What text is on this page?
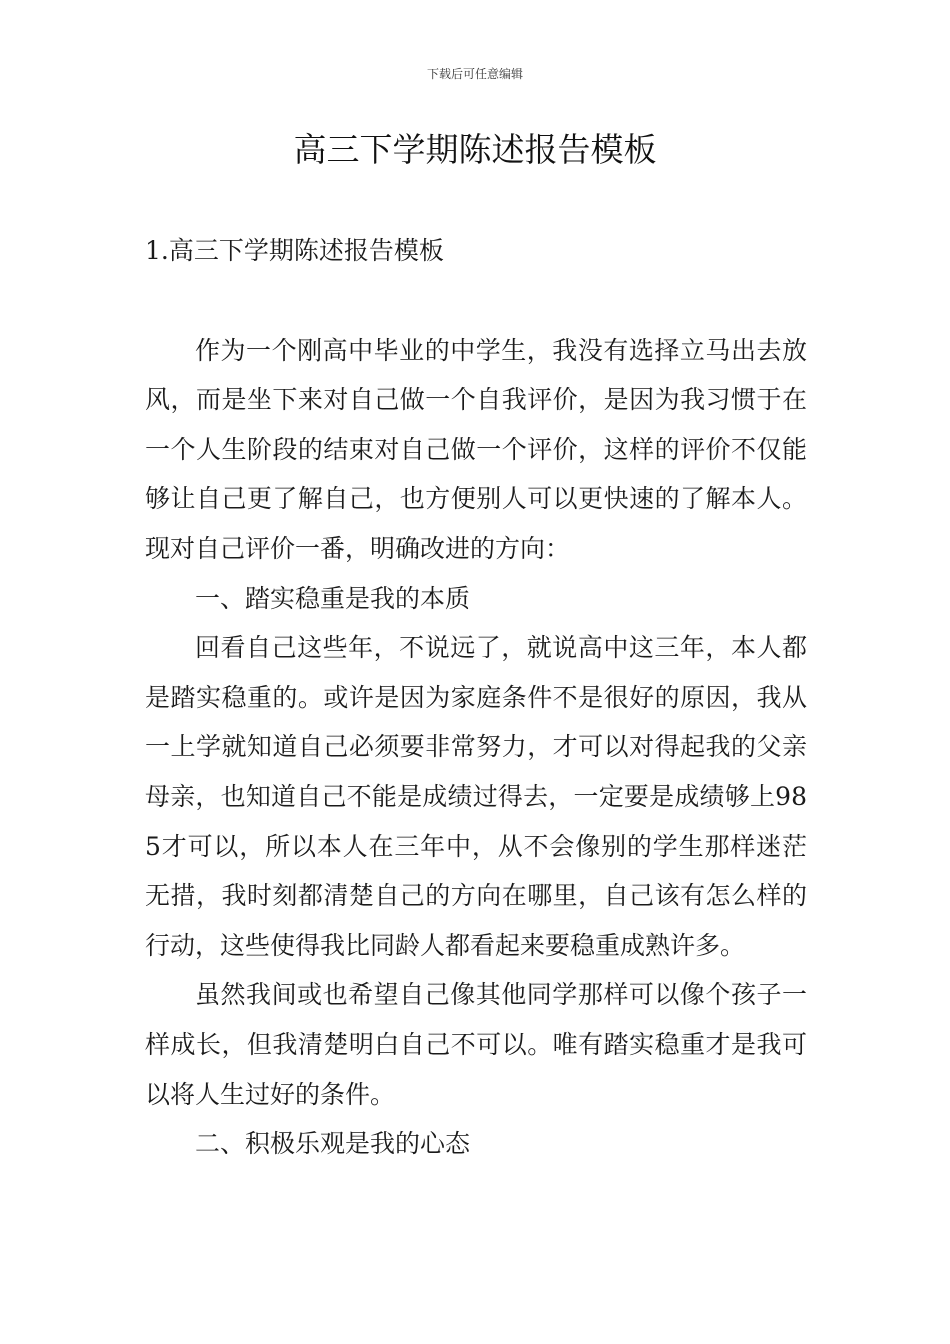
下载后可任意编辑
高三下学期陈述报告模板

1.高三下学期陈述报告模板

作为一个刚高中毕业的中学生，我没有选择立马出去放风，而是坐下来对自己做一个自我评价，是因为我习惯于在一个人生阶段的结束对自己做一个评价，这样的评价不仅能够让自己更了解自己，也方便别人可以更快速的了解本人。现对自己评价一番，明确改进的方向：

一、踏实稳重是我的本质

回看自己这些年，不说远了，就说高中这三年，本人都是踏实稳重的。或许是因为家庭条件不是很好的原因，我从一上学就知道自己必须要非常努力，才可以对得起我的父亲母亲，也知道自己不能是成绩过得去，一定要是成绩够上985才可以，所以本人在三年中，从不会像别的学生那样迷茫无措，我时刻都清楚自己的方向在哪里，自己该有怎么样的行动，这些使得我比同龄人都看起来要稳重成熟许多。

虽然我间或也希望自己像其他同学那样可以像个孩子一样成长，但我清楚明白自己不可以。唯有踏实稳重才是我可以将人生过好的条件。

二、积极乐观是我的心态
